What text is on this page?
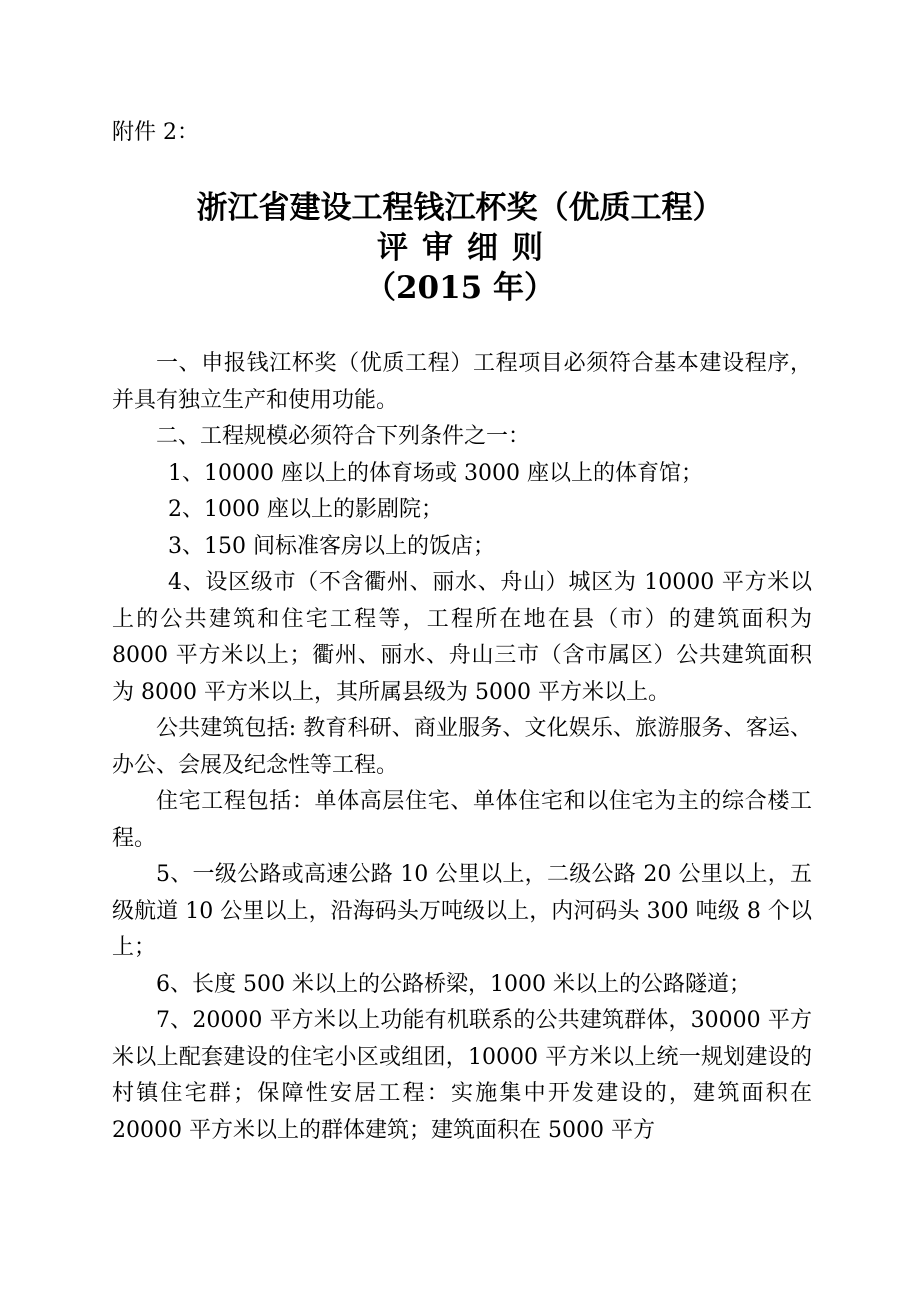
附件 2：
浙江省建设工程钱江杯奖（优质工程）
评审细则
（2015 年）

一、申报钱江杯奖（优质工程）工程项目必须符合基本建设程序，并具有独立生产和使用功能。

二、工程规模必须符合下列条件之一：

1、10000 座以上的体育场或 3000 座以上的体育馆；

2、1000 座以上的影剧院；

3、150 间标准客房以上的饭店；

4、设区级市（不含衢州、丽水、舟山）城区为 10000 平方米以上的公共建筑和住宅工程等，工程所在地在县（市）的建筑面积为 8000 平方米以上；衢州、丽水、舟山三市（含市属区）公共建筑面积为 8000 平方米以上，其所属县级为 5000 平方米以上。

公共建筑包括: 教育科研、商业服务、文化娱乐、旅游服务、客运、办公、会展及纪念性等工程。

住宅工程包括：单体高层住宅、单体住宅和以住宅为主的综合楼工程。

5、一级公路或高速公路 10 公里以上，二级公路 20 公里以上，五级航道 10 公里以上，沿海码头万吨级以上，内河码头 300 吨级 8 个以上；

6、长度 500 米以上的公路桥梁，1000 米以上的公路隧道；

7、20000 平方米以上功能有机联系的公共建筑群体，30000 平方米以上配套建设的住宅小区或组团，10000 平方米以上统一规划建设的村镇住宅群；保障性安居工程：实施集中开发建设的，建筑面积在 20000 平方米以上的群体建筑；建筑面积在 5000 平方
